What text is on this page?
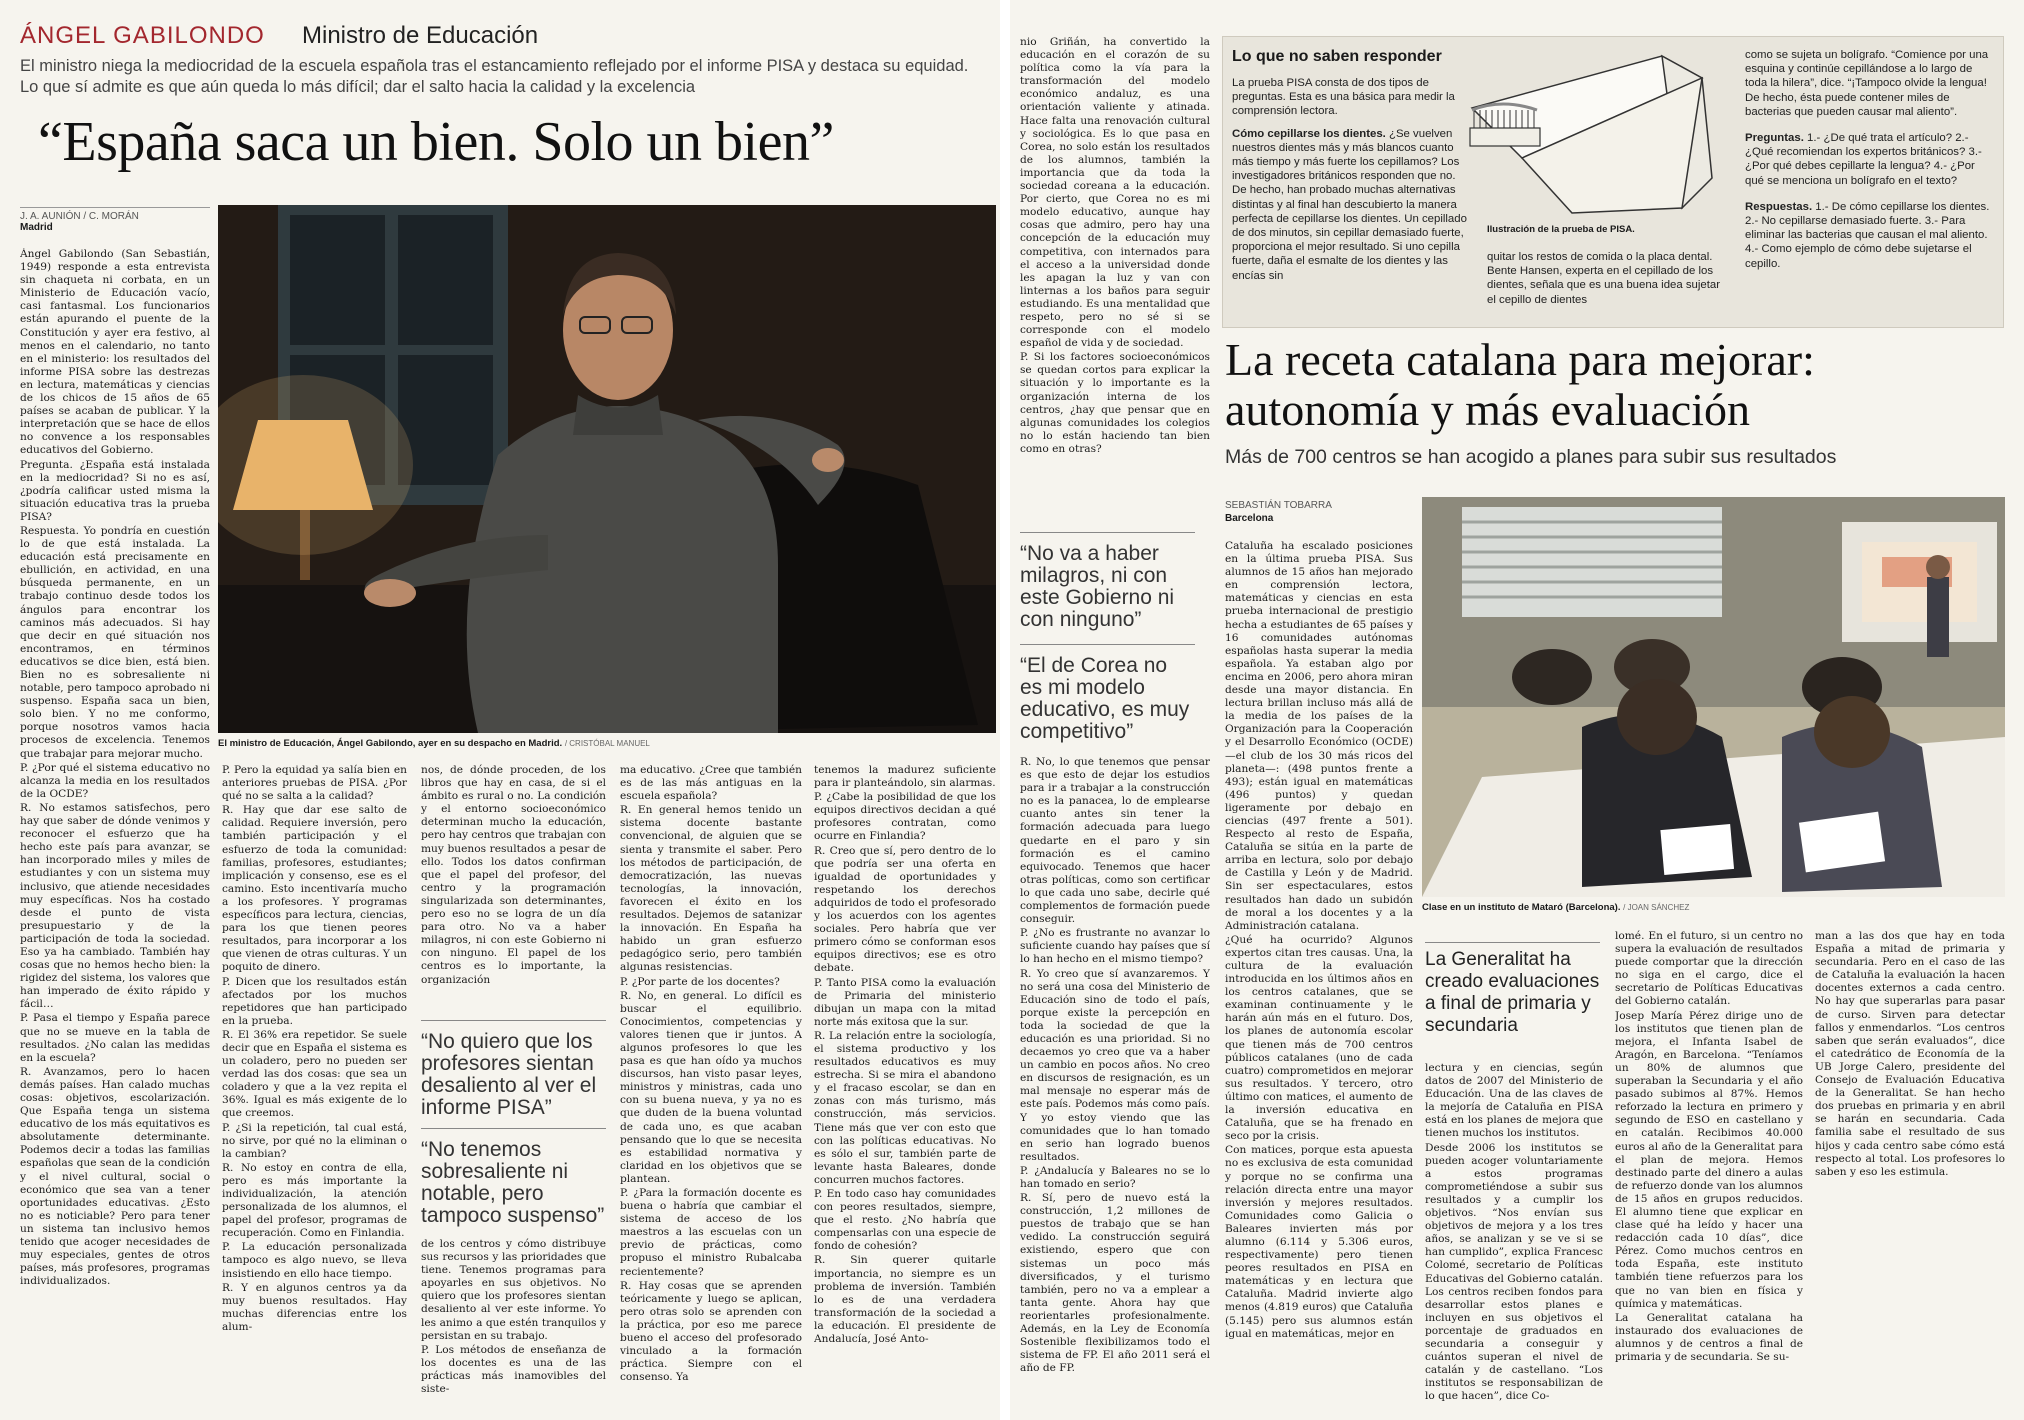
ÁNGEL GABILONDO Ministro de Educación
El ministro niega la mediocridad de la escuela española tras el estancamiento reflejado por el informe PISA y destaca su equidad. Lo que sí admite es que aún queda lo más difícil; dar el salto hacia la calidad y la excelencia
“España saca un bien. Solo un bien”
J. A. AUNIÓN / C. MORÁN
Madrid
El ministro de Educación, Ángel Gabilondo, ayer en su despacho en Madrid. / CRISTÓBAL MANUEL

Ángel Gabilondo (San Sebastián, 1949) responde a esta entrevista sin chaqueta ni corbata, en un Ministerio de Educación vacío, casi fantasmal. Los funcionarios están apurando el puente de la Constitución y ayer era festivo, al menos en el calendario, no tanto en el ministerio: los resultados del informe PISA sobre las destrezas en lectura, matemáticas y ciencias de los chicos de 15 años de 65 países se acaban de publicar. Y la interpretación que se hace de ellos no convence a los responsables educativos del Gobierno.

Pregunta. ¿España está instalada en la mediocridad? Si no es así, ¿podría calificar usted misma la situación educativa tras la prueba PISA?

Respuesta. Yo pondría en cuestión lo de que está instalada. La educación está precisamente en ebullición, en actividad, en una búsqueda permanente, en un trabajo continuo desde todos los ángulos para encontrar los caminos más adecuados. Si hay que decir en qué situación nos encontramos, en términos educativos se dice bien, está bien. Bien no es sobresaliente ni notable, pero tampoco aprobado ni suspenso. España saca un bien, solo bien. Y no me conformo, porque nosotros vamos hacia procesos de excelencia. Tenemos que trabajar para mejorar mucho.

P. ¿Por qué el sistema educativo no alcanza la media en los resultados de la OCDE?

R. No estamos satisfechos, pero hay que saber de dónde venimos y reconocer el esfuerzo que ha hecho este país para avanzar, se han incorporado miles y miles de estudiantes y con un sistema muy inclusivo, que atiende necesidades muy específicas. Nos ha costado desde el punto de vista presupuestario y de la participación de toda la sociedad. Eso ya ha cambiado. También hay cosas que no hemos hecho bien: la rigidez del sistema, los valores que han imperado de éxito rápido y fácil…

P. Pasa el tiempo y España parece que no se mueve en la tabla de resultados. ¿No calan las medidas en la escuela?

R. Avanzamos, pero lo hacen demás países. Han calado muchas cosas: objetivos, escolarización. Que España tenga un sistema educativo de los más equitativos es absolutamente determinante. Podemos decir a todas las familias españolas que sean de la condición y el nivel cultural, social o económico que sea van a tener oportunidades educativas. ¿Esto no es noticiable? Pero para tener un sistema tan inclusivo hemos tenido que acoger necesidades de muy especiales, gentes de otros países, más profesores, programas individualizados.

P. Pero la equidad ya salía bien en anteriores pruebas de PISA. ¿Por qué no se salta a la calidad?

R. Hay que dar ese salto de calidad. Requiere inversión, pero también participación y el esfuerzo de toda la comunidad: familias, profesores, estudiantes; implicación y consenso, ese es el camino. Esto incentivaría mucho a los profesores. Y programas específicos para lectura, ciencias, para los que tienen peores resultados, para incorporar a los que vienen de otras culturas. Y un poquito de dinero.

P. Dicen que los resultados están afectados por los muchos repetidores que han participado en la prueba.

R. El 36% era repetidor. Se suele decir que en España el sistema es un coladero, pero no pueden ser verdad las dos cosas: que sea un coladero y que a la vez repita el 36%. Igual es más exigente de lo que creemos.

P. ¿Si la repetición, tal cual está, no sirve, por qué no la eliminan o la cambian?

R. No estoy en contra de ella, pero es más importante la individualización, la atención personalizada de los alumnos, el papel del profesor, programas de recuperación. Como en Finlandia.

P. La educación personalizada tampoco es algo nuevo, se lleva insistiendo en ello hace tiempo.

R. Y en algunos centros ya da muy buenos resultados. Hay muchas diferencias entre los alum-

nos, de dónde proceden, de los libros que hay en casa, de si el ámbito es rural o no. La condición y el entorno socioeconómico determinan mucho la educación, pero hay centros que trabajan con muy buenos resultados a pesar de ello. Todos los datos confirman que el papel del profesor, del centro y la programación singularizada son determinantes, pero eso no se logra de un día para otro. No va a haber milagros, ni con este Gobierno ni con ninguno. El papel de los centros es lo importante, la organización

“No quiero que los profesores sientan desaliento al ver el informe PISA”
“No tenemos sobresaliente ni notable, pero tampoco suspenso”

de los centros y cómo distribuye sus recursos y las prioridades que tiene. Tenemos programas para apoyarles en sus objetivos. No quiero que los profesores sientan desaliento al ver este informe. Yo les animo a que estén tranquilos y persistan en su trabajo.

P. Los métodos de enseñanza de los docentes es una de las prácticas más inamovibles del siste-

ma educativo. ¿Cree que también es de las más antiguas en la escuela española?

R. En general hemos tenido un sistema docente bastante convencional, de alguien que se sienta y transmite el saber. Pero los métodos de participación, de democratización, las nuevas tecnologías, la innovación, favorecen el éxito en los resultados. Dejemos de satanizar la innovación. En España ha habido un gran esfuerzo pedagógico serio, pero también algunas resistencias.

P. ¿Por parte de los docentes?

R. No, en general. Lo difícil es buscar el equilibrio. Conocimientos, competencias y valores tienen que ir juntos. A algunos profesores lo que les pasa es que han oído ya muchos discursos, han visto pasar leyes, ministros y ministras, cada uno con su buena nueva, y ya no es que duden de la buena voluntad de cada uno, es que acaban pensando que lo que se necesita es estabilidad normativa y claridad en los objetivos que se plantean.

P. ¿Para la formación docente es buena o habría que cambiar el sistema de acceso de los maestros a las escuelas con un previo de prácticas, como propuso el ministro Rubalcaba recientemente?

R. Hay cosas que se aprenden teóricamente y luego se aplican, pero otras solo se aprenden con la práctica, por eso me parece bueno el acceso del profesorado vinculado a la formación práctica. Siempre con el consenso. Ya

tenemos la madurez suficiente para ir planteándolo, sin alarmas.

P. ¿Cabe la posibilidad de que los equipos directivos decidan a qué profesores contratan, como ocurre en Finlandia?

R. Creo que sí, pero dentro de lo que podría ser una oferta en igualdad de oportunidades y respetando los derechos adquiridos de todo el profesorado y los acuerdos con los agentes sociales. Pero habría que ver primero cómo se conforman esos equipos directivos; ese es otro debate.

P. Tanto PISA como la evaluación de Primaria del ministerio dibujan un mapa con la mitad norte más exitosa que la sur.

R. La relación entre la sociología, el sistema productivo y los resultados educativos es muy estrecha. Si se mira el abandono y el fracaso escolar, se dan en zonas con más turismo, más construcción, más servicios. Tiene más que ver con esto que con las políticas educativas. No es sólo el sur, también parte de levante hasta Baleares, donde concurren muchos factores.

P. En todo caso hay comunidades con peores resultados, siempre, que el resto. ¿No habría que compensarlas con una especie de fondo de cohesión?

R. Sin querer quitarle importancia, no siempre es un problema de inversión. También lo es de una verdadera transformación de la sociedad a la educación. El presidente de Andalucía, José Anto-

nio Griñán, ha convertido la educación en el corazón de su política como la vía para la transformación del modelo económico andaluz, es una orientación valiente y atinada. Hace falta una renovación cultural y sociológica. Es lo que pasa en Corea, no solo están los resultados de los alumnos, también la importancia que da toda la sociedad coreana a la educación. Por cierto, que Corea no es mi modelo educativo, aunque hay cosas que admiro, pero hay una concepción de la educación muy competitiva, con internados para el acceso a la universidad donde les apagan la luz y van con linternas a los baños para seguir estudiando. Es una mentalidad que respeto, pero no sé si se corresponde con el modelo español de vida y de sociedad.

P. Si los factores socioeconómicos se quedan cortos para explicar la situación y lo importante es la organización interna de los centros, ¿hay que pensar que en algunas comunidades los colegios no lo están haciendo tan bien como en otras?

“No va a haber milagros, ni con este Gobierno ni con ninguno”
“El de Corea no es mi modelo educativo, es muy competitivo”

R. No, lo que tenemos que pensar es que esto de dejar los estudios para ir a trabajar a la construcción no es la panacea, lo de emplearse cuanto antes sin tener la formación adecuada para luego quedarte en el paro y sin formación es el camino equivocado. Tenemos que hacer otras políticas, como son certificar lo que cada uno sabe, decirle qué complementos de formación puede conseguir.

P. ¿No es frustrante no avanzar lo suficiente cuando hay países que sí lo han hecho en el mismo tiempo?

R. Yo creo que sí avanzaremos. Y no será una cosa del Ministerio de Educación sino de todo el país, porque existe la percepción en toda la sociedad de que la educación es una prioridad. Si no decaemos yo creo que va a haber un cambio en pocos años. No creo en discursos de resignación, es un mal mensaje no esperar más de este país. Podemos más como país. Y yo estoy viendo que las comunidades que lo han tomado en serio han logrado buenos resultados.

P. ¿Andalucía y Baleares no se lo han tomado en serio?

R. Sí, pero de nuevo está la construcción, 1,2 millones de puestos de trabajo que se han vedido. La construcción seguirá existiendo, espero que con sistemas un poco más diversificados, y el turismo también, pero no va a emplear a tanta gente. Ahora hay que reorientarles profesionalmente. Además, en la Ley de Economía Sostenible flexibilizamos todo el sistema de FP. El año 2011 será el año de FP.

Lo que no saben responder

La prueba PISA consta de dos tipos de preguntas. Esta es una básica para medir la comprensión lectora.

Cómo cepillarse los dientes. ¿Se vuelven nuestros dientes más y más blancos cuanto más tiempo y más fuerte los cepillamos? Los investigadores británicos responden que no. De hecho, han probado muchas alternativas distintas y al final han descubierto la manera perfecta de cepillarse los dientes. Un cepillado de dos minutos, sin cepillar demasiado fuerte, proporciona el mejor resultado. Si uno cepilla fuerte, daña el esmalte de los dientes y las encías sin

Ilustración de la prueba de PISA.

quitar los restos de comida o la placa dental. Bente Hansen, experta en el cepillado de los dientes, señala que es una buena idea sujetar el cepillo de dientes

como se sujeta un bolígrafo. “Comience por una esquina y continúe cepillándose a lo largo de toda la hilera”, dice. “¡Tampoco olvide la lengua! De hecho, ésta puede contener miles de bacterias que pueden causar mal aliento”.

Preguntas. 1.- ¿De qué trata el artículo? 2.- ¿Qué recomiendan los expertos británicos? 3.- ¿Por qué debes cepillarte la lengua? 4.- ¿Por qué se menciona un bolígrafo en el texto?

Respuestas. 1.- De cómo cepillarse los dientes. 2.- No cepillarse demasiado fuerte. 3.- Para eliminar las bacterias que causan el mal aliento. 4.- Como ejemplo de cómo debe sujetarse el cepillo.

La receta catalana para mejorar: autonomía y más evaluación
Más de 700 centros se han acogido a planes para subir sus resultados
SEBASTIÁN TOBARRA
Barcelona
Clase en un instituto de Mataró (Barcelona). / JOAN SÁNCHEZ

Cataluña ha escalado posiciones en la última prueba PISA. Sus alumnos de 15 años han mejorado en comprensión lectora, matemáticas y ciencias en esta prueba internacional de prestigio hecha a estudiantes de 65 países y 16 comunidades autónomas españolas hasta superar la media española. Ya estaban algo por encima en 2006, pero ahora miran desde una mayor distancia. En lectura brillan incluso más allá de la media de los países de la Organización para la Cooperación y el Desarrollo Económico (OCDE) —el club de los 30 más ricos del planeta—: (498 puntos frente a 493); están igual en matemáticas (496 puntos) y quedan ligeramente por debajo en ciencias (497 frente a 501). Respecto al resto de España, Cataluña se sitúa en la parte de arriba en lectura, solo por debajo de Castilla y León y de Madrid. Sin ser espectaculares, estos resultados han dado un subidón de moral a los docentes y a la Administración catalana.

¿Qué ha ocurrido? Algunos expertos citan tres causas. Una, la cultura de la evaluación introducida en los últimos años en los centros catalanes, que se examinan continuamente y le harán aún más en el futuro. Dos, los planes de autonomía escolar que tienen más de 700 centros públicos catalanes (uno de cada cuatro) comprometidos en mejorar sus resultados. Y tercero, otro último con matices, el aumento de la inversión educativa en Cataluña, que se ha frenado en seco por la crisis.

Con matices, porque esta apuesta no es exclusiva de esta comunidad y porque no se confirma una relación directa entre una mayor inversión y mejores resultados. Comunidades como Galicia o Baleares invierten más por alumno (6.114 y 5.306 euros, respectivamente) pero tienen peores resultados en PISA en matemáticas y en lectura que Cataluña. Madrid invierte algo menos (4.819 euros) que Cataluña (5.145) pero sus alumnos están igual en matemáticas, mejor en

La Generalitat ha creado evaluaciones a final de primaria y secundaria

lectura y en ciencias, según datos de 2007 del Ministerio de Educación. Una de las claves de la mejoría de Cataluña en PISA está en los planes de mejora que tienen muchos los institutos.

Desde 2006 los institutos se pueden acoger voluntariamente a estos programas comprometiéndose a subir sus resultados y a cumplir los objetivos. “Nos envían sus objetivos de mejora y a los tres años, se analizan y se ve si se han cumplido”, explica Francesc Colomé, secretario de Políticas Educativas del Gobierno catalán. Los centros reciben fondos para desarrollar estos planes e incluyen en sus objetivos el porcentaje de graduados en secundaria a conseguir y cuántos superan el nivel de catalán y de castellano. “Los institutos se responsabilizan de lo que hacen”, dice Co-

lomé. En el futuro, si un centro no supera la evaluación de resultados puede comportar que la dirección no siga en el cargo, dice el secretario de Políticas Educativas del Gobierno catalán.

Josep María Pérez dirige uno de los institutos que tienen plan de mejora, el Infanta Isabel de Aragón, en Barcelona. “Teníamos un 80% de alumnos que superaban la Secundaria y el año pasado subimos al 87%. Hemos reforzado la lectura en primero y segundo de ESO en castellano y en catalán. Recibimos 40.000 euros al año de la Generalitat para el plan de mejora. Hemos destinado parte del dinero a aulas de refuerzo donde van los alumnos de 15 años en grupos reducidos. El alumno tiene que explicar en clase qué ha leído y hacer una redacción cada 10 días”, dice Pérez. Como muchos centros en toda España, este instituto también tiene refuerzos para los que no van bien en física y química y matemáticas.

La Generalitat catalana ha instaurado dos evaluaciones de alumnos y de centros a final de primaria y de secundaria. Se su-

man a las dos que hay en toda España a mitad de primaria y secundaria. Pero en el caso de las de Cataluña la evaluación la hacen docentes externos a cada centro. No hay que superarlas para pasar de curso. Sirven para detectar fallos y enmendarlos. “Los centros saben que serán evaluados”, dice el catedrático de Economía de la UB Jorge Calero, presidente del Consejo de Evaluación Educativa de la Generalitat. Se han hecho dos pruebas en primaria y en abril se harán en secundaria. Cada familia sabe el resultado de sus hijos y cada centro sabe cómo está respecto al total. Los profesores lo saben y eso les estimula.
